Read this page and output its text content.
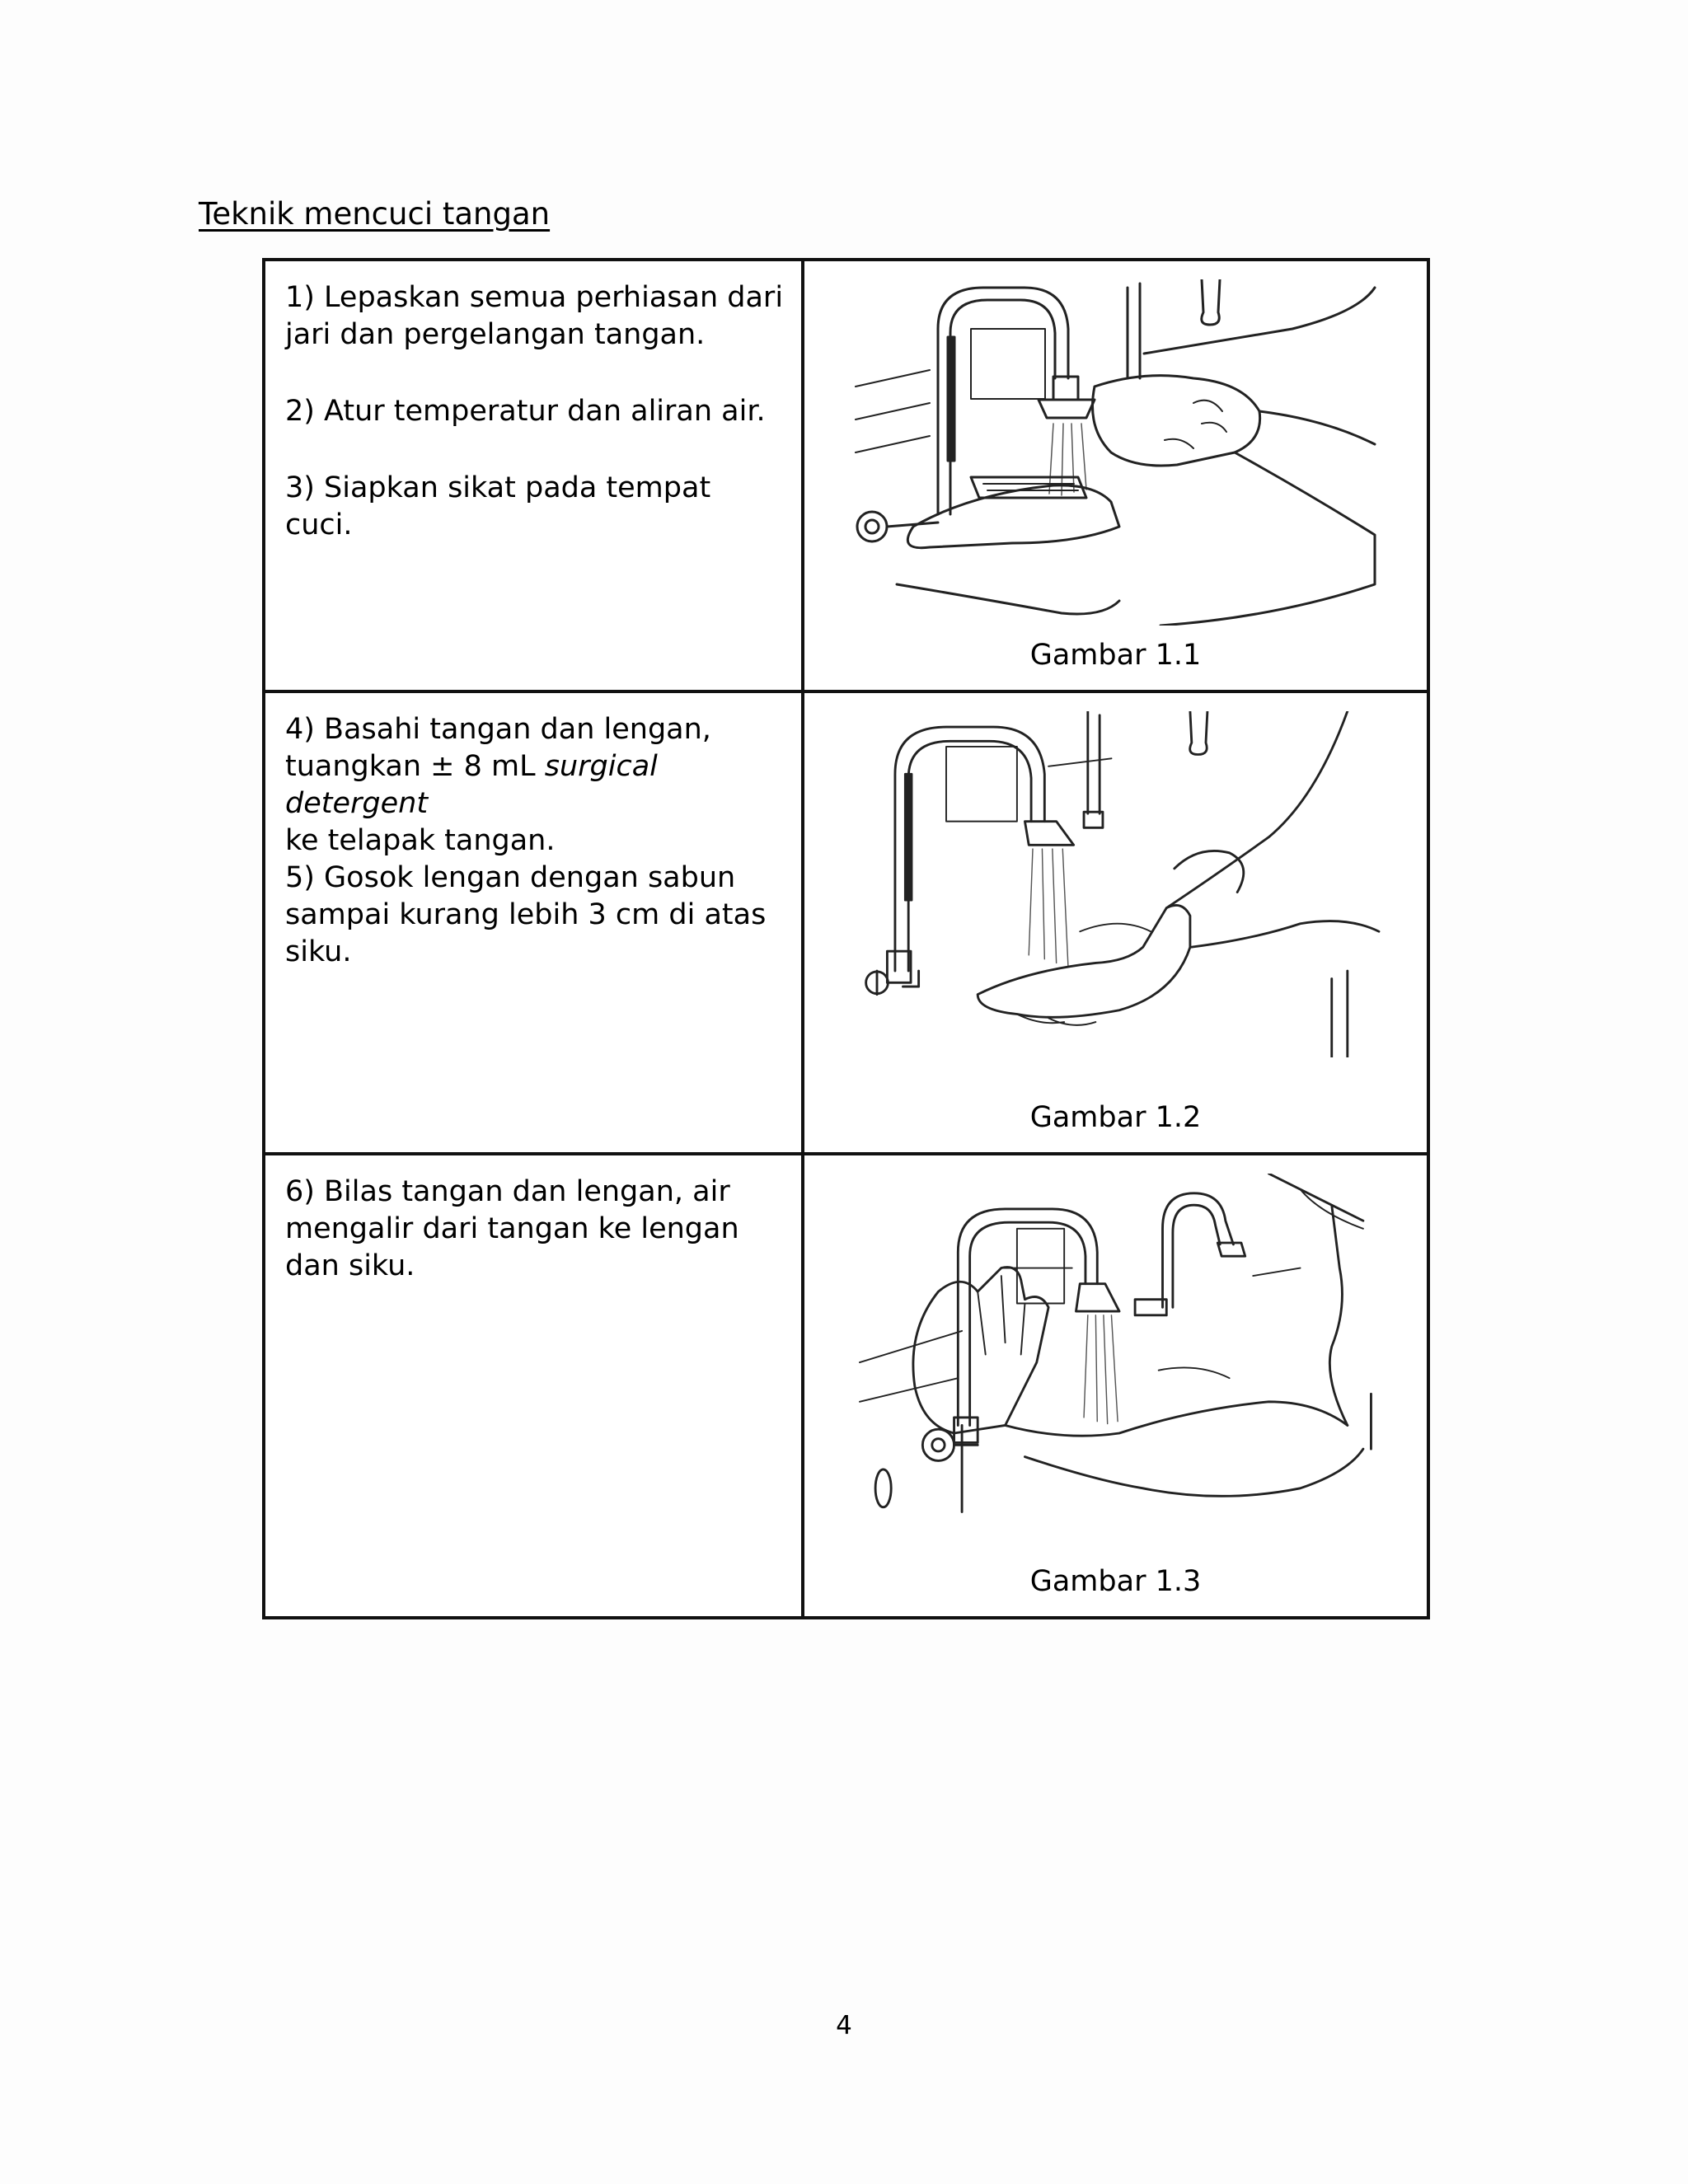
Teknik mencuci tangan

1) Lepaskan semua perhiasan dari jari dan pergelangan tangan.

2) Atur temperatur dan aliran air.

3) Siapkan sikat pada tempat cuci.	Gambar 1.1

4) Basahi tangan dan lengan,
tuangkan ± 8 mL surgical detergent
ke telapak tangan.

5) Gosok lengan dengan sabun sampai kurang lebih 3 cm di atas siku.	Gambar 1.2

6) Bilas tangan dan lengan, air mengalir dari tangan ke lengan dan siku.	Gambar 1.3
4
